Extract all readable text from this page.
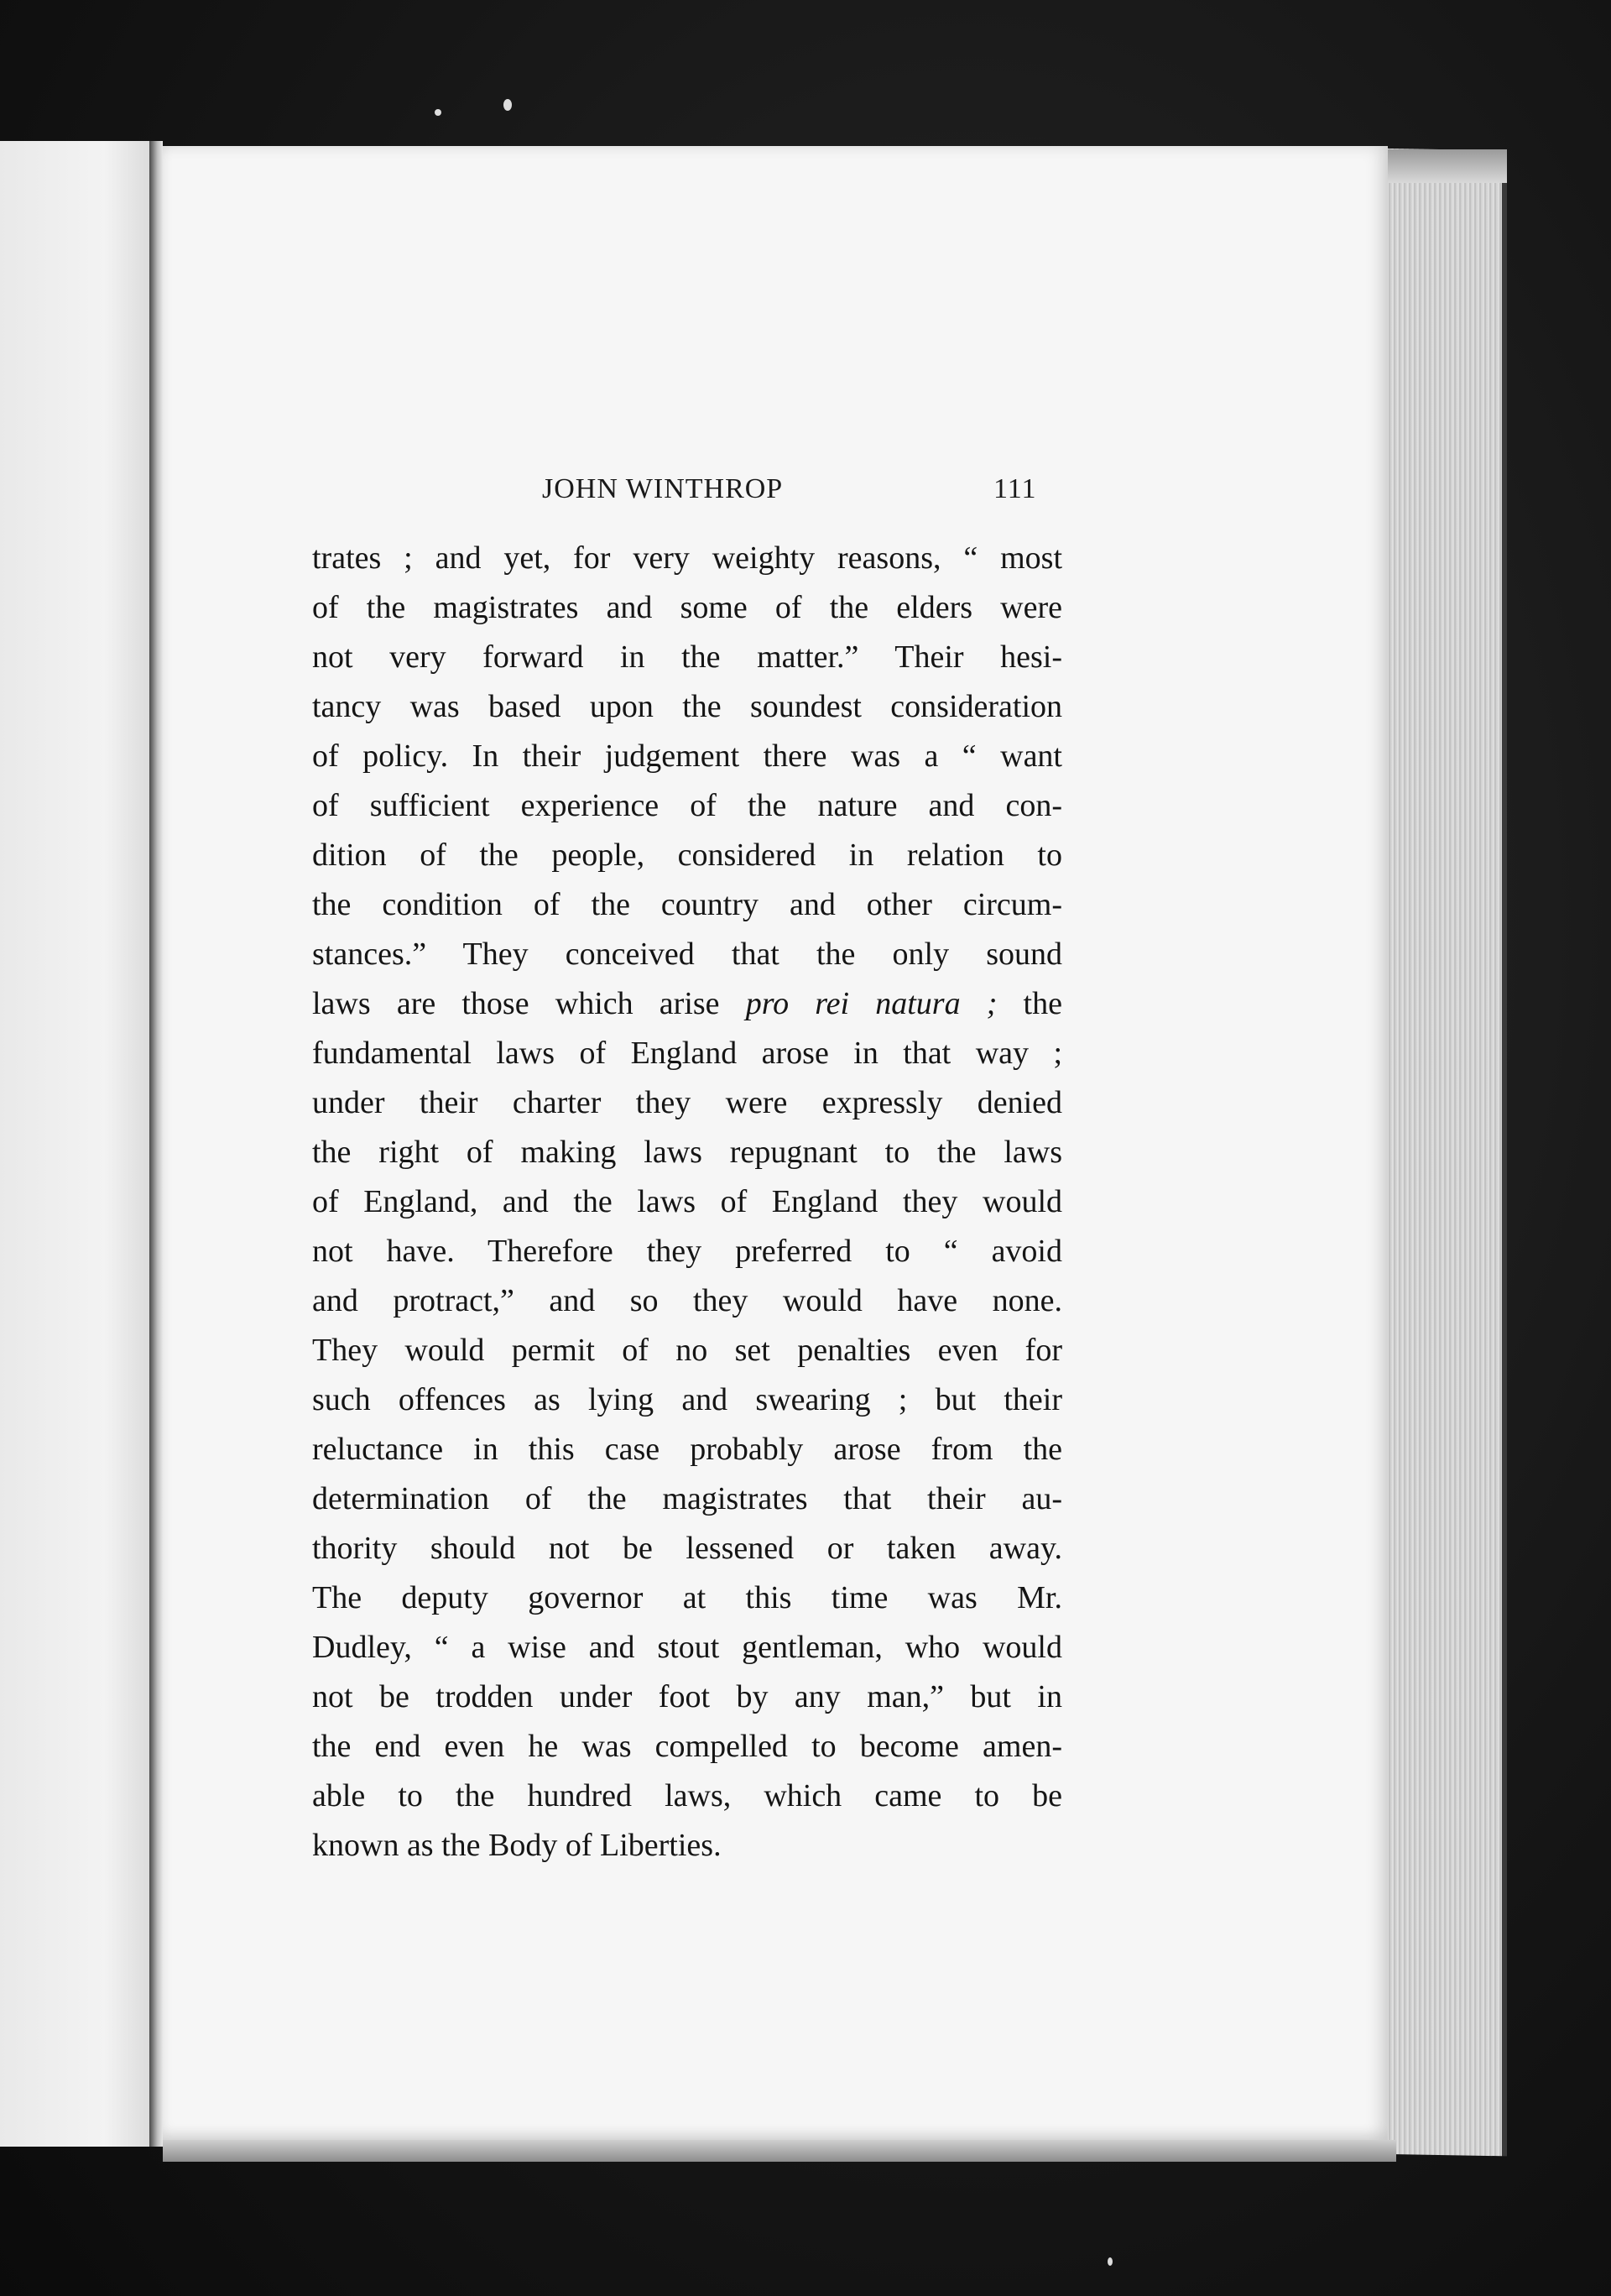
JOHN WINTHROP	111
trates ; and yet, for very weighty reasons, “ most
of the magistrates and some of the elders were
not very forward in the matter.” Their hesi-
tancy was based upon the soundest consideration
of policy. In their judgement there was a “ want
of sufficient experience of the nature and con-
dition of the people, considered in relation to
the condition of the country and other circum-
stances.” They conceived that the only sound
laws are those which arise pro rei natura ; the
fundamental laws of England arose in that way ;
under their charter they were expressly denied
the right of making laws repugnant to the laws
of England, and the laws of England they would
not have. Therefore they preferred to “ avoid
and protract,” and so they would have none.
They would permit of no set penalties even for
such offences as lying and swearing ; but their
reluctance in this case probably arose from the
determination of the magistrates that their au-
thority should not be lessened or taken away.
The deputy governor at this time was Mr.
Dudley, “ a wise and stout gentleman, who would
not be trodden under foot by any man,” but in
the end even he was compelled to become amen-
able to the hundred laws, which came to be
known as the Body of Liberties.
